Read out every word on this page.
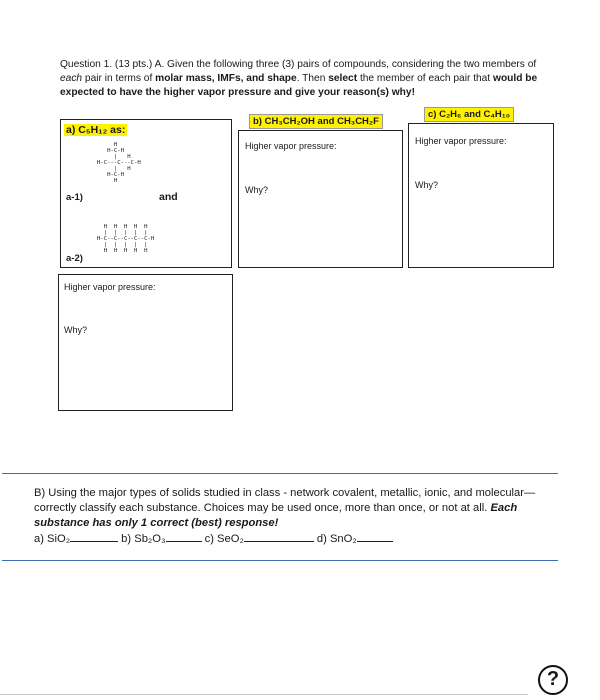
Question 1. (13 pts.) A. Given the following three (3) pairs of compounds, considering the two members of each pair in terms of molar mass, IMFs, and shape. Then select the member of each pair that would be expected to have the higher vapor pressure and give your reason(s) why!
a) C₅H₁₂ as:
H
H-C-H
|   H
H-C---C---C-H
|   H
H-C-H
H
a-1)	and
H  H  H  H  H
|  |  |  |  |
H-C--C--C--C--C-H
|  |  |  |  |
H  H  H  H  H
a-2)
Higher vapor pressure:
Why?
b) CH₃CH₂OH and CH₃CH₂F
Higher vapor pressure:
Why?
c) C₂H₆ and C₄H₁₀
Higher vapor pressure:
Why?
B) Using the major types of solids studied in class - network covalent, metallic, ionic, and molecular—correctly classify each substance. Choices may be used once, more than once, or not at all. Each substance has only 1 correct (best) response!
a) SiO₂	b) Sb₂O₃	c) SeO₂	d) SnO₂
?
